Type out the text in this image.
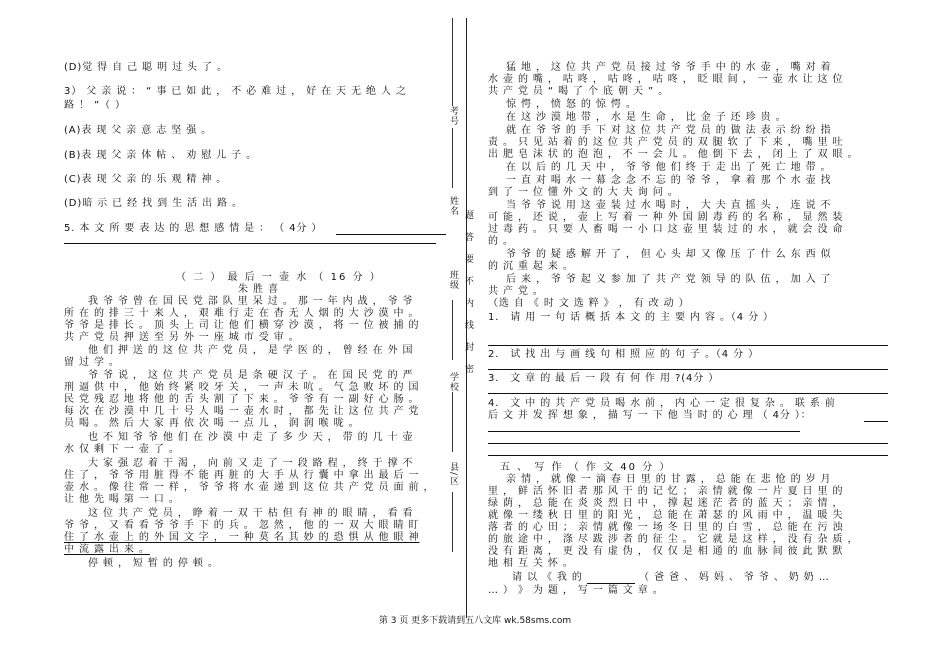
(D)觉 得 自 己 聪 明 过 头 了 。
3） 父 亲 说 ： “ 事 已 如 此 ， 不 必 难 过 ， 好 在 天 无 绝 人 之
路 ！ ”（ ）
(A)表 现 父 亲 意 志 坚 强 。
(B)表 现 父 亲 体 帖 、 劝 慰 儿 子 。
(C)表 现 父 亲 的 乐 观 精 神 。
(D)暗 示 已 经 找 到 生 活 出 路 。
5. 本 文 所 要 表 达 的 思 想 感 情 是 ： （ 4分 ）
（ 二 ） 最 后 一 壶 水 （ 16 分 ）
朱 胜 喜
我 爷 爷 曾 在 国 民 党 部 队 里 呆 过 。 那 一 年 内 战 ， 爷 爷
所 在 的 排 三 十 来 人 ， 艰 难 行 走 在 杳 无 人 烟 的 大 沙 漠 中 。
爷 爷 是 排 长 。 顶 头 上 司 让 他 们 横 穿 沙 漠 ， 将 一 位 被 捕 的
共 产 党 员 押 送 至 另 外 一 座 城 市 受 审 。
他 们 押 送 的 这 位 共 产 党 员 ， 是 学 医 的 ， 曾 经 在 外 国
留 过 学 。
爷 爷 说 ， 这 位 共 产 党 员 是 条 硬 汉 子 。 在 国 民 党 的 严
刑 逼 供 中 ， 他 始 终 紧 咬 牙 关 ， 一 声 未 吭 。 气 急 败 坏 的 国
民 党 残 忍 地 将 他 的 舌 头 割 了 下 来 。 爷 爷 有 一 副 好 心 肠 。
每 次 在 沙 漠 中 几 十 号 人 喝 一 壶 水 时 ， 都 先 让 这 位 共 产 党
员 喝 。 然 后 大 家 再 依 次 喝 一 点 儿 ， 润 润 喉 咙 。
也 不 知 爷 爷 他 们 在 沙 漠 中 走 了 多 少 天 ， 带 的 几 十 壶
水 仅 剩 下 一 壶 了 。
大 家 强 忍 着 干 渴 ， 向 前 又 走 了 一 段 路 程 ， 终 于 撑 不
住 了 ， 爷 爷 用 脏 得 不 能 再 脏 的 大 手 从 行 囊 中 拿 出 最 后 一
壶 水 。 像 往 常 一 样 ， 爷 爷 将 水 壶 递 到 这 位 共 产 党 员 面 前 ，
让 他 先 喝 第 一 口 。
这 位 共 产 党 员 ， 睁 着 一 双 干 枯 但 有 神 的 眼 睛 ， 看 看
爷 爷 ， 又 看 看 爷 爷 手 下 的 兵 。 忽 然 ， 他 的 一 双 大 眼 睛 盯
住 了 水 壶 上 的 外 国 文 字 ， 一 种 莫 名 其 妙 的 恐 惧 从 他 眼 神
中 流 露 出 来 。
停 顿 ， 短 暂 的 停 顿 。
考号
姓名 题
答
要
不
内
线
封
密
班级
学校
县/区
猛 地 ， 这 位 共 产 党 员 接 过 爷 爷 手 中 的 水 壶 ， 嘴 对 着
水 壶 的 嘴 ， 咕 咚 ， 咕 咚 ， 咕 咚 ， 眨 眼 间 ， 一 壶 水 让 这 位
共 产 党 员 “ 喝 了 个 底 朝 天 ” 。
惊 愕 ， 愤 怒 的 惊 愕 。
在 这 沙 漠 地 带 ， 水 是 生 命 ， 比 金 子 还 珍 贵 。
就 在 爷 爷 的 手 下 对 这 位 共 产 党 员 的 做 法 表 示 纷 纷 指
责 。 只 见 站 着 的 这 位 共 产 党 员 的 双 腿 软 了 下 来 ， 嘴 里 吐
出 肥 皂 沫 状 的 泡 泡 ， 不 一 会 儿 。 他 倒 下 去 ， 闭 上 了 双 眼 。
在 以 后 的 几 天 中 ， 爷 爷 他 们 终 于 走 出 了 死 亡 地 带 。
一 直 对 喝 水 一 幕 念 念 不 忘 的 爷 爷 ， 拿 着 那 个 水 壶 找
到 了 一 位 懂 外 文 的 大 夫 询 问 。
当 爷 爷 说 用 这 壶 装 过 水 喝 时 ， 大 夫 直 摇 头 ， 连 说 不
可 能 ， 还 说 ， 壶 上 写 着 一 种 外 国 剧 毒 药 的 名 称 ， 显 然 装
过 毒 药 。 只 要 人 畜 喝 一 小 口 这 壶 里 装 过 的 水 ， 就 会 没 命
的 。
爷 爷 的 疑 惑 解 开 了 ， 但 心 头 却 又 像 压 了 什 么 东 西 似
的 沉 重 起 来 。
后 来 ， 爷 爷 起 义 参 加 了 共 产 党 领 导 的 队 伍 ， 加 入 了
共 产 党 。
（选 自 《 时 文 选 粹 》 ， 有 改 动 ）
1． 请 用 一 句 话 概 括 本 文 的 主 要 内 容 。（4 分 ）
2． 试 找 出 与 画 线 句 相 照 应 的 句 子 。（4 分 ）
3． 文 章 的 最 后 一 段 有 何 作 用 ?(4分 ）
4． 文 中 的 共 产 党 员 喝 水 前 ， 内 心 一 定 很 复 杂 。 联 系 前
后 文 并 发 挥 想 象 ， 描 写 一 下 他 当 时 的 心 理 （ 4分 ）：
五 、 写 作 （ 作 文 40 分 ）
亲 情 ， 就 像 一 滴 春 日 里 的 甘 露 ， 总 能 在 悲 怆 的 岁 月
里 ， 鲜 活 怀 旧 者 那 风 干 的 记 忆 ； 亲 情 就 像 一 片 夏 日 里 的
绿 荫 ， 总 能 在 炎 炎 烈 日 中 ， 撑 起 迷 茫 者 的 蓝 天 ； 亲 情 ，
就 像 一 缕 秋 日 里 的 阳 光 ， 总 能 在 萧 瑟 的 风 雨 中 ， 温 暖 失
落 者 的 心 田 ； 亲 情 就 像 一 场 冬 日 里 的 白 雪 ， 总 能 在 污 浊
的 旅 途 中 ， 涤 尽 跋 涉 者 的 征 尘 。 它 就 是 这 样 ， 没 有 杂 质 ，
没 有 距 离 ， 更 没 有 虚 伪 ， 仅 仅 是 相 通 的 血 脉 间 彼 此 默 默
地 相 互 关 怀 。
请 以 《 我 的	（ 爸 爸 、 妈 妈 、 爷 爷 、 奶 奶 …
… ） 》 为 题 ， 写 一 篇 文 章 。
第 3 页 更多下载请到五八文库 wk.58sms.com
